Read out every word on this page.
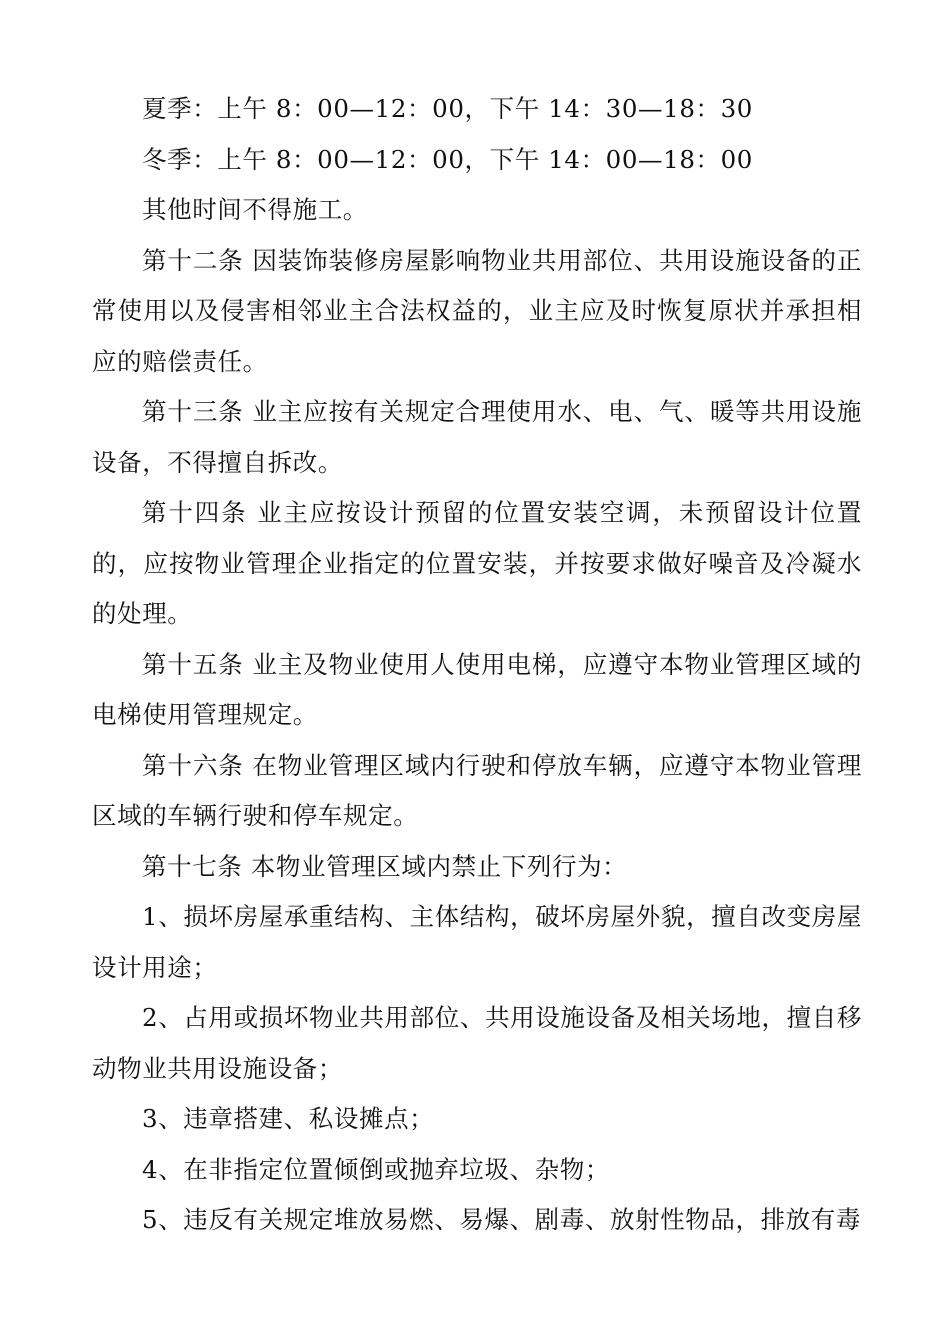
夏季：上午 8：00—12：00，下午 14：30—18：30

冬季：上午 8：00—12：00，下午 14：00—18：00

其他时间不得施工。

第十二条 因装饰装修房屋影响物业共用部位、共用设施设备的正常使用以及侵害相邻业主合法权益的，业主应及时恢复原状并承担相应的赔偿责任。

第十三条 业主应按有关规定合理使用水、电、气、暖等共用设施设备，不得擅自拆改。

第十四条 业主应按设计预留的位置安装空调，未预留设计位置的，应按物业管理企业指定的位置安装，并按要求做好噪音及冷凝水的处理。

第十五条 业主及物业使用人使用电梯，应遵守本物业管理区域的电梯使用管理规定。

第十六条 在物业管理区域内行驶和停放车辆，应遵守本物业管理区域的车辆行驶和停车规定。

第十七条 本物业管理区域内禁止下列行为：

1、损坏房屋承重结构、主体结构，破坏房屋外貌，擅自改变房屋设计用途；

2、占用或损坏物业共用部位、共用设施设备及相关场地，擅自移动物业共用设施设备；

3、违章搭建、私设摊点；

4、在非指定位置倾倒或抛弃垃圾、杂物；

5、违反有关规定堆放易燃、易爆、剧毒、放射性物品，排放有毒
